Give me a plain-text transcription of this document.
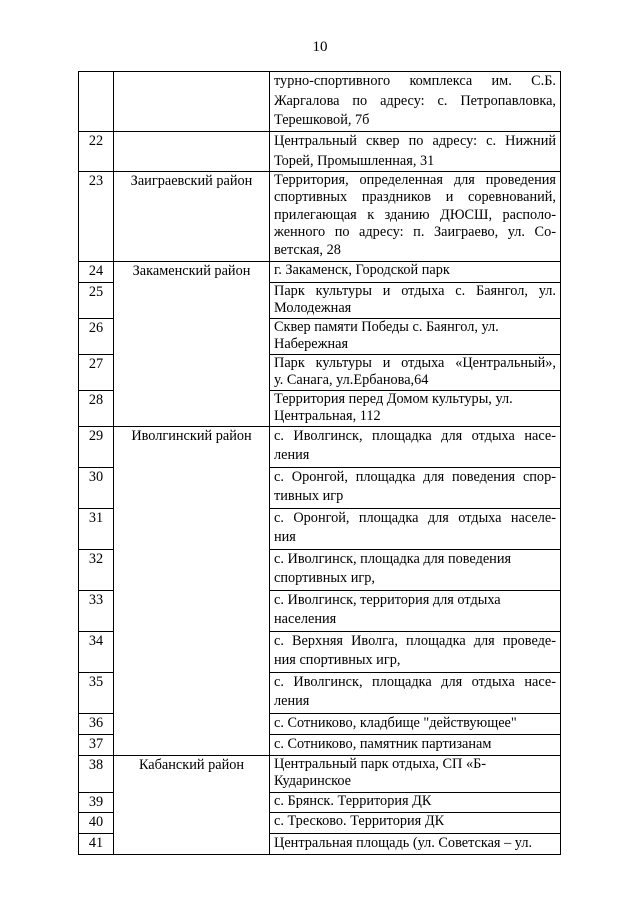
10

		турно-спортивного комплекса им. С.Б.
Жаргалова по адресу: с. Петропавловка,
Терешковой, 7б

22		Центральный сквер по адресу: с. Нижний
Торей, Промышленная, 31

23	Заиграевский район	Территория, определенная для проведения
спортивных праздников и соревнований,
прилегающая к зданию ДЮСШ, располо-
женного по адресу: п. Заиграево, ул. Со-
ветская, 28

24	Закаменский район	г. Закаменск, Городской парк

25		Парк культуры и отдыха с. Баянгол, ул.
Молодежная

26		Сквер памяти Победы с. Баянгол, ул.
Набережная

27		Парк культуры и отдыха «Центральный»,
у. Санага, ул.Ербанова,64

28		Территория перед Домом культуры, ул.
Центральная, 112

29	Иволгинский район	с. Иволгинск, площадка для отдыха насе-
ления

30		с. Оронгой, площадка для поведения спор-
тивных игр

31		с. Оронгой, площадка для отдыха населе-
ния

32		с. Иволгинск, площадка для поведения
спортивных игр,

33		с. Иволгинск, территория для отдыха
населения

34		с. Верхняя Иволга, площадка для проведе-
ния спортивных игр,

35		с. Иволгинск, площадка для отдыха насе-
ления

36		с. Сотниково, кладбище "действующее"

37		с. Сотниково, памятник партизанам

38	Кабанский район	Центральный парк отдыха, СП «Б-
Кударинское

39		с. Брянск. Территория ДК

40		с. Тресково. Территория ДК

41		Центральная площадь (ул. Советская – ул.
